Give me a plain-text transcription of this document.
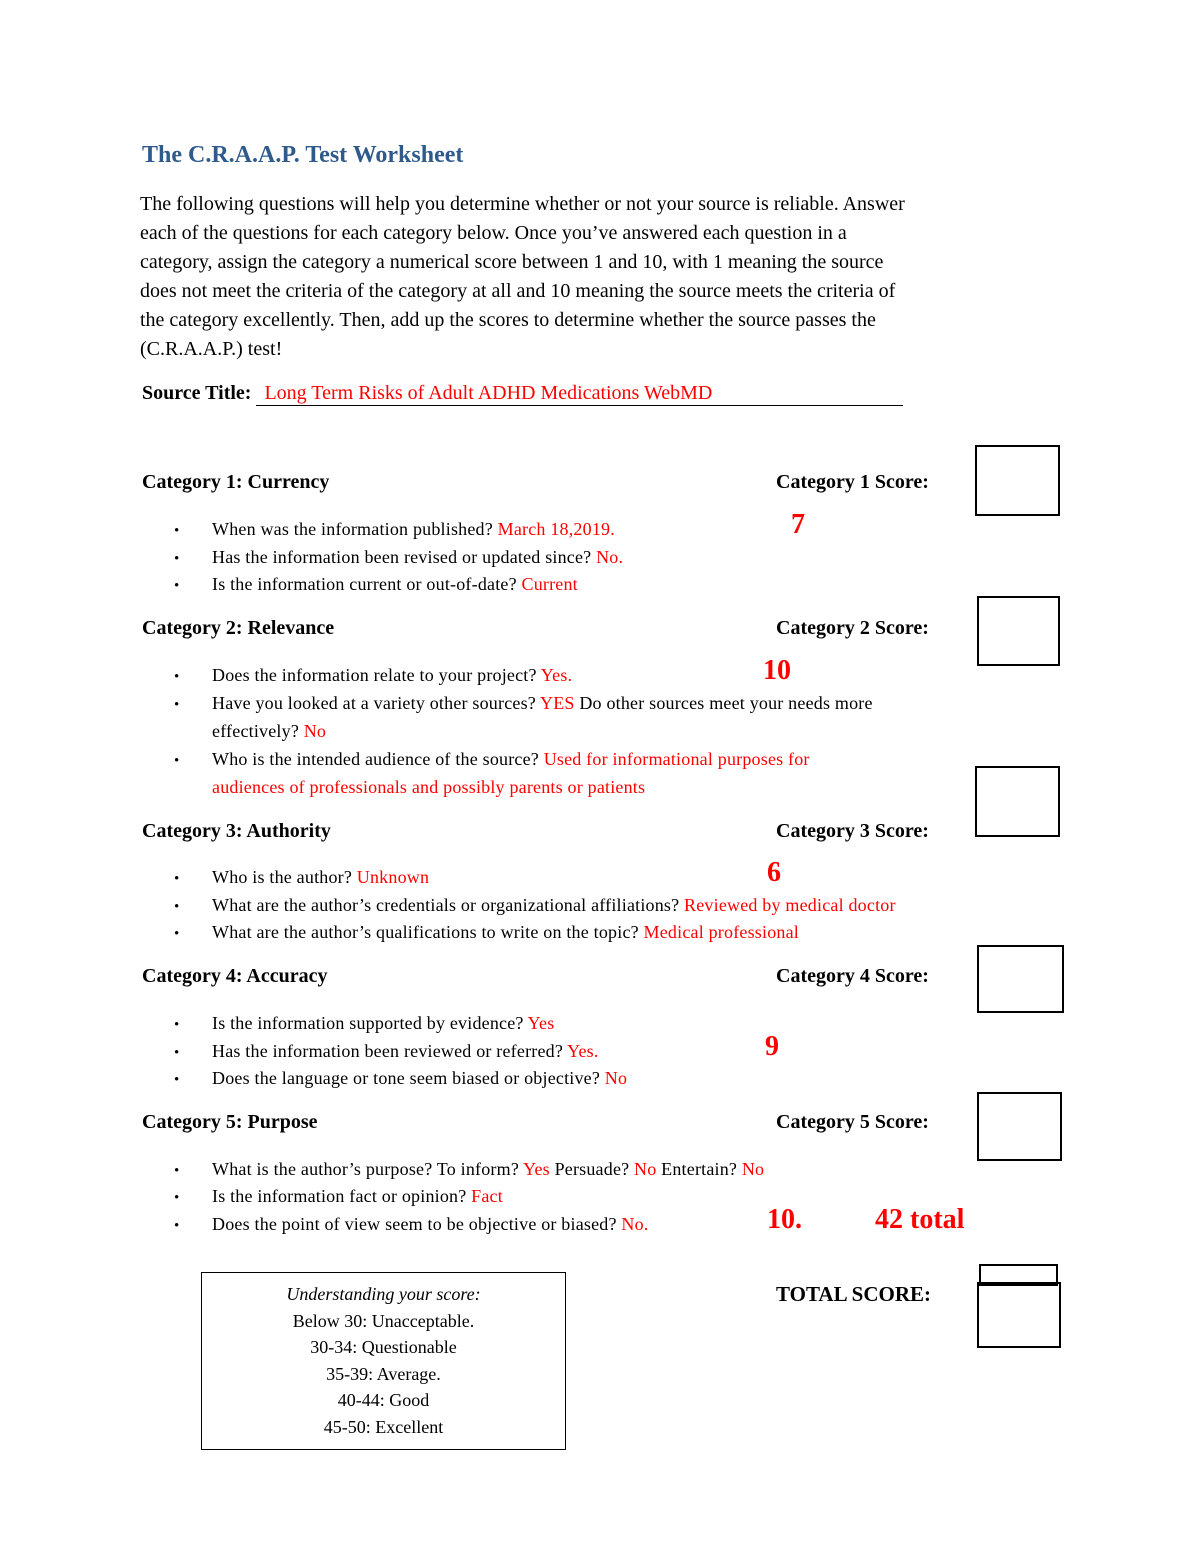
The C.R.A.A.P. Test Worksheet
The following questions will help you determine whether or not your source is reliable. Answer
each of the questions for each category below. Once you’ve answered each question in a
category, assign the category a numerical score between 1 and 10, with 1 meaning the source
does not meet the criteria of the category at all and 10 meaning the source meets the criteria of
the category excellently. Then, add up the scores to determine whether the source passes the
(C.R.A.A.P.) test!
Source Title: Long Term Risks of Adult ADHD Medications WebMD
Category 1: Currency	Category 1 Score:
• When was the information published? March 18,2019.	7
• Has the information been revised or updated since? No.
• Is the information current or out-of-date? Current
Category 2: Relevance	Category 2 Score:
• Does the information relate to your project? Yes.	10
• Have you looked at a variety other sources? YES Do other sources meet your needs more
effectively? No
• Who is the intended audience of the source? Used for informational purposes for
audiences of professionals and possibly parents or patients
Category 3: Authority	Category 3 Score:
• Who is the author? Unknown	6
• What are the author’s credentials or organizational affiliations? Reviewed by medical doctor
• What are the author’s qualifications to write on the topic? Medical professional
Category 4: Accuracy	Category 4 Score:
• Is the information supported by evidence? Yes
• Has the information been reviewed or referred? Yes.	9
• Does the language or tone seem biased or objective? No
Category 5: Purpose	Category 5 Score:
• What is the author’s purpose? To inform? Yes Persuade? No Entertain? No
• Is the information fact or opinion? Fact
• Does the point of view seem to be objective or biased? No.	10.	42 total
Understanding your score:
Below 30: Unacceptable.
30-34: Questionable
35-39: Average.
40-44: Good
45-50: Excellent
TOTAL SCORE:
